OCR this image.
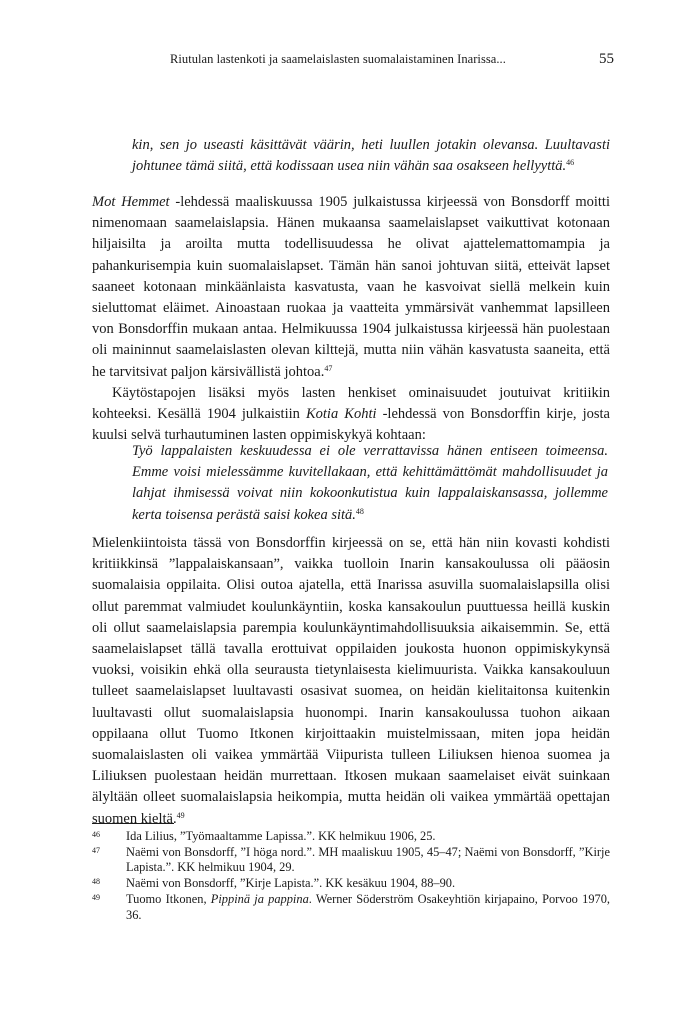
Riutulan lastenkoti ja saamelaislasten suomalaistaminen Inarissa...	55
kin, sen jo useasti käsittävät väärin, heti luullen jotakin olevansa. Luultavasti johtunee tämä siitä, että kodissaan usea niin vähän saa osakseen hellyyttä.$^{46}$

Mot Hemmet -lehdessä maaliskuussa 1905 julkaistussa kirjeessä von Bonsdorff moitti nimenomaan saamelaislapsia. Hänen mukaansa saamelaislapset vaikuttivat kotonaan hiljaisilta ja aroilta mutta todellisuudessa he olivat ajattelemattomampia ja pahankurisempia kuin suomalaislapset. Tämän hän sanoi johtuvan siitä, etteivät lapset saaneet kotonaan minkäänlaista kasvatusta, vaan he kasvoivat siellä melkein kuin sieluttomat eläimet. Ainoastaan ruokaa ja vaatteita ymmärsivät vanhemmat lapsilleen von Bonsdorffin mukaan antaa. Helmikuussa 1904 julkaistussa kirjeessä hän puolestaan oli maininnut saamelaislasten olevan kilttejä, mutta niin vähän kasvatusta saaneita, että he tarvitsivat paljon kärsivällistä johtoa.$^{47}$

Käytöstapojen lisäksi myös lasten henkiset ominaisuudet joutuivat kritiikin kohteeksi. Kesällä 1904 julkaistiin Kotia Kohti -lehdessä von Bonsdorffin kirje, josta kuulsi selvä turhautuminen lasten oppimiskykyä kohtaan:

Työ lappalaisten keskuudessa ei ole verrattavissa hänen entiseen toimeensa. Emme voisi mielessämme kuvitellakaan, että kehittämättömät mahdollisuudet ja lahjat ihmisessä voivat niin kokoonkutistua kuin lappalaiskansassa, jollemme kerta toisensa perästä saisi kokea sitä.$^{48}$

Mielenkiintoista tässä von Bonsdorffin kirjeessä on se, että hän niin kovasti kohdisti kritiikkinsä ”lappalaiskansaan”, vaikka tuolloin Inarin kansakoulussa oli pääosin suomalaisia oppilaita. Olisi outoa ajatella, että Inarissa asuvilla suomalaislapsilla olisi ollut paremmat valmiudet koulunkäyntiin, koska kansakoulun puuttuessa heillä kuskin oli ollut saamelaislapsia parempia koulunkäyntimahdollisuuksia aikaisemmin. Se, että saamelaislapset tällä tavalla erottuivat oppilaiden joukosta huonon oppimiskykynsä vuoksi, voisikin ehkä olla seurausta tietynlaisesta kielimuurista. Vaikka kansakouluun tulleet saamelaislapset luultavasti osasivat suomea, on heidän kielitaitonsa kuitenkin luultavasti ollut suomalaislapsia huonompi. Inarin kansakoulussa tuohon aikaan oppilaana ollut Tuomo Itkonen kirjoittaakin muistelmissaan, miten jopa heidän suomalaislasten oli vaikea ymmärtää Viipurista tulleen Liliuksen hienoa suomea ja Liliuksen puolestaan heidän murrettaan. Itkosen mukaan saamelaiset eivät suinkaan älyltään olleet suomalaislapsia heikompia, mutta heidän oli vaikea ymmärtää opettajan suomen kieltä.$^{49}$

46 Ida Lilius, ”Työmaaltamme Lapissa.”. KK helmikuu 1906, 25.
47 Naëmi von Bonsdorff, ”I höga nord.”. MH maaliskuu 1905, 45–47; Naëmi von Bonsdorff, ”Kirje Lapista.”. KK helmikuu 1904, 29.
48 Naëmi von Bonsdorff, ”Kirje Lapista.”. KK kesäkuu 1904, 88–90.
49 Tuomo Itkonen, Pippinä ja pappina. Werner Söderström Osakeyhtiön kirjapaino, Porvoo 1970, 36.
